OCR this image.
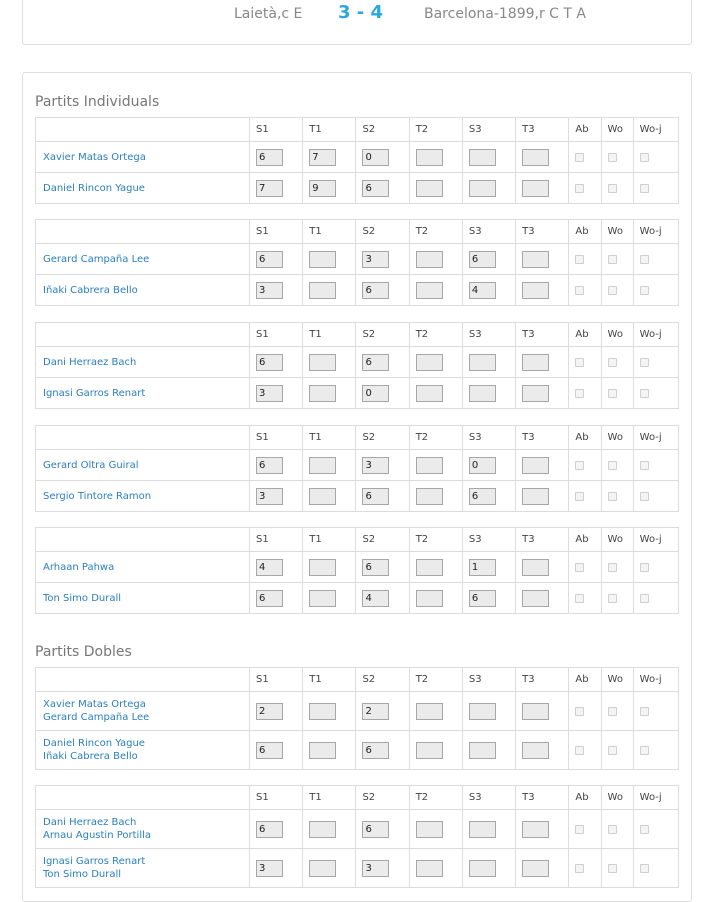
Laietà,c E 3 - 4	Barcelona-1899,r C T A
Partits Individuals
	S1	T1	S2	T2	S3	T3	Ab	Wo	Wo-j

Xavier Matas Ortega	6	7	0						

Daniel Rincon Yague	7	9	6						

	S1	T1	S2	T2	S3	T3	Ab	Wo	Wo-j

Gerard Campaña Lee	6		3		6				

Iñaki Cabrera Bello	3		6		4				

	S1	T1	S2	T2	S3	T3	Ab	Wo	Wo-j

Dani Herraez Bach	6		6						

Ignasi Garros Renart	3		0						

	S1	T1	S2	T2	S3	T3	Ab	Wo	Wo-j

Gerard Oltra Guiral	6		3		0				

Sergio Tintore Ramon	3		6		6				

	S1	T1	S2	T2	S3	T3	Ab	Wo	Wo-j

Arhaan Pahwa	4		6		1				

Ton Simo Durall	6		4		6				

Partits Dobles
	S1	T1	S2	T2	S3	T3	Ab	Wo	Wo-j

Xavier Matas Ortega
Gerard Campaña Lee	2		2						

Daniel Rincon Yague
Iñaki Cabrera Bello	6		6						

	S1	T1	S2	T2	S3	T3	Ab	Wo	Wo-j

Dani Herraez Bach
Arnau Agustin Portilla	6		6						

Ignasi Garros Renart
Ton Simo Durall	3		3						
